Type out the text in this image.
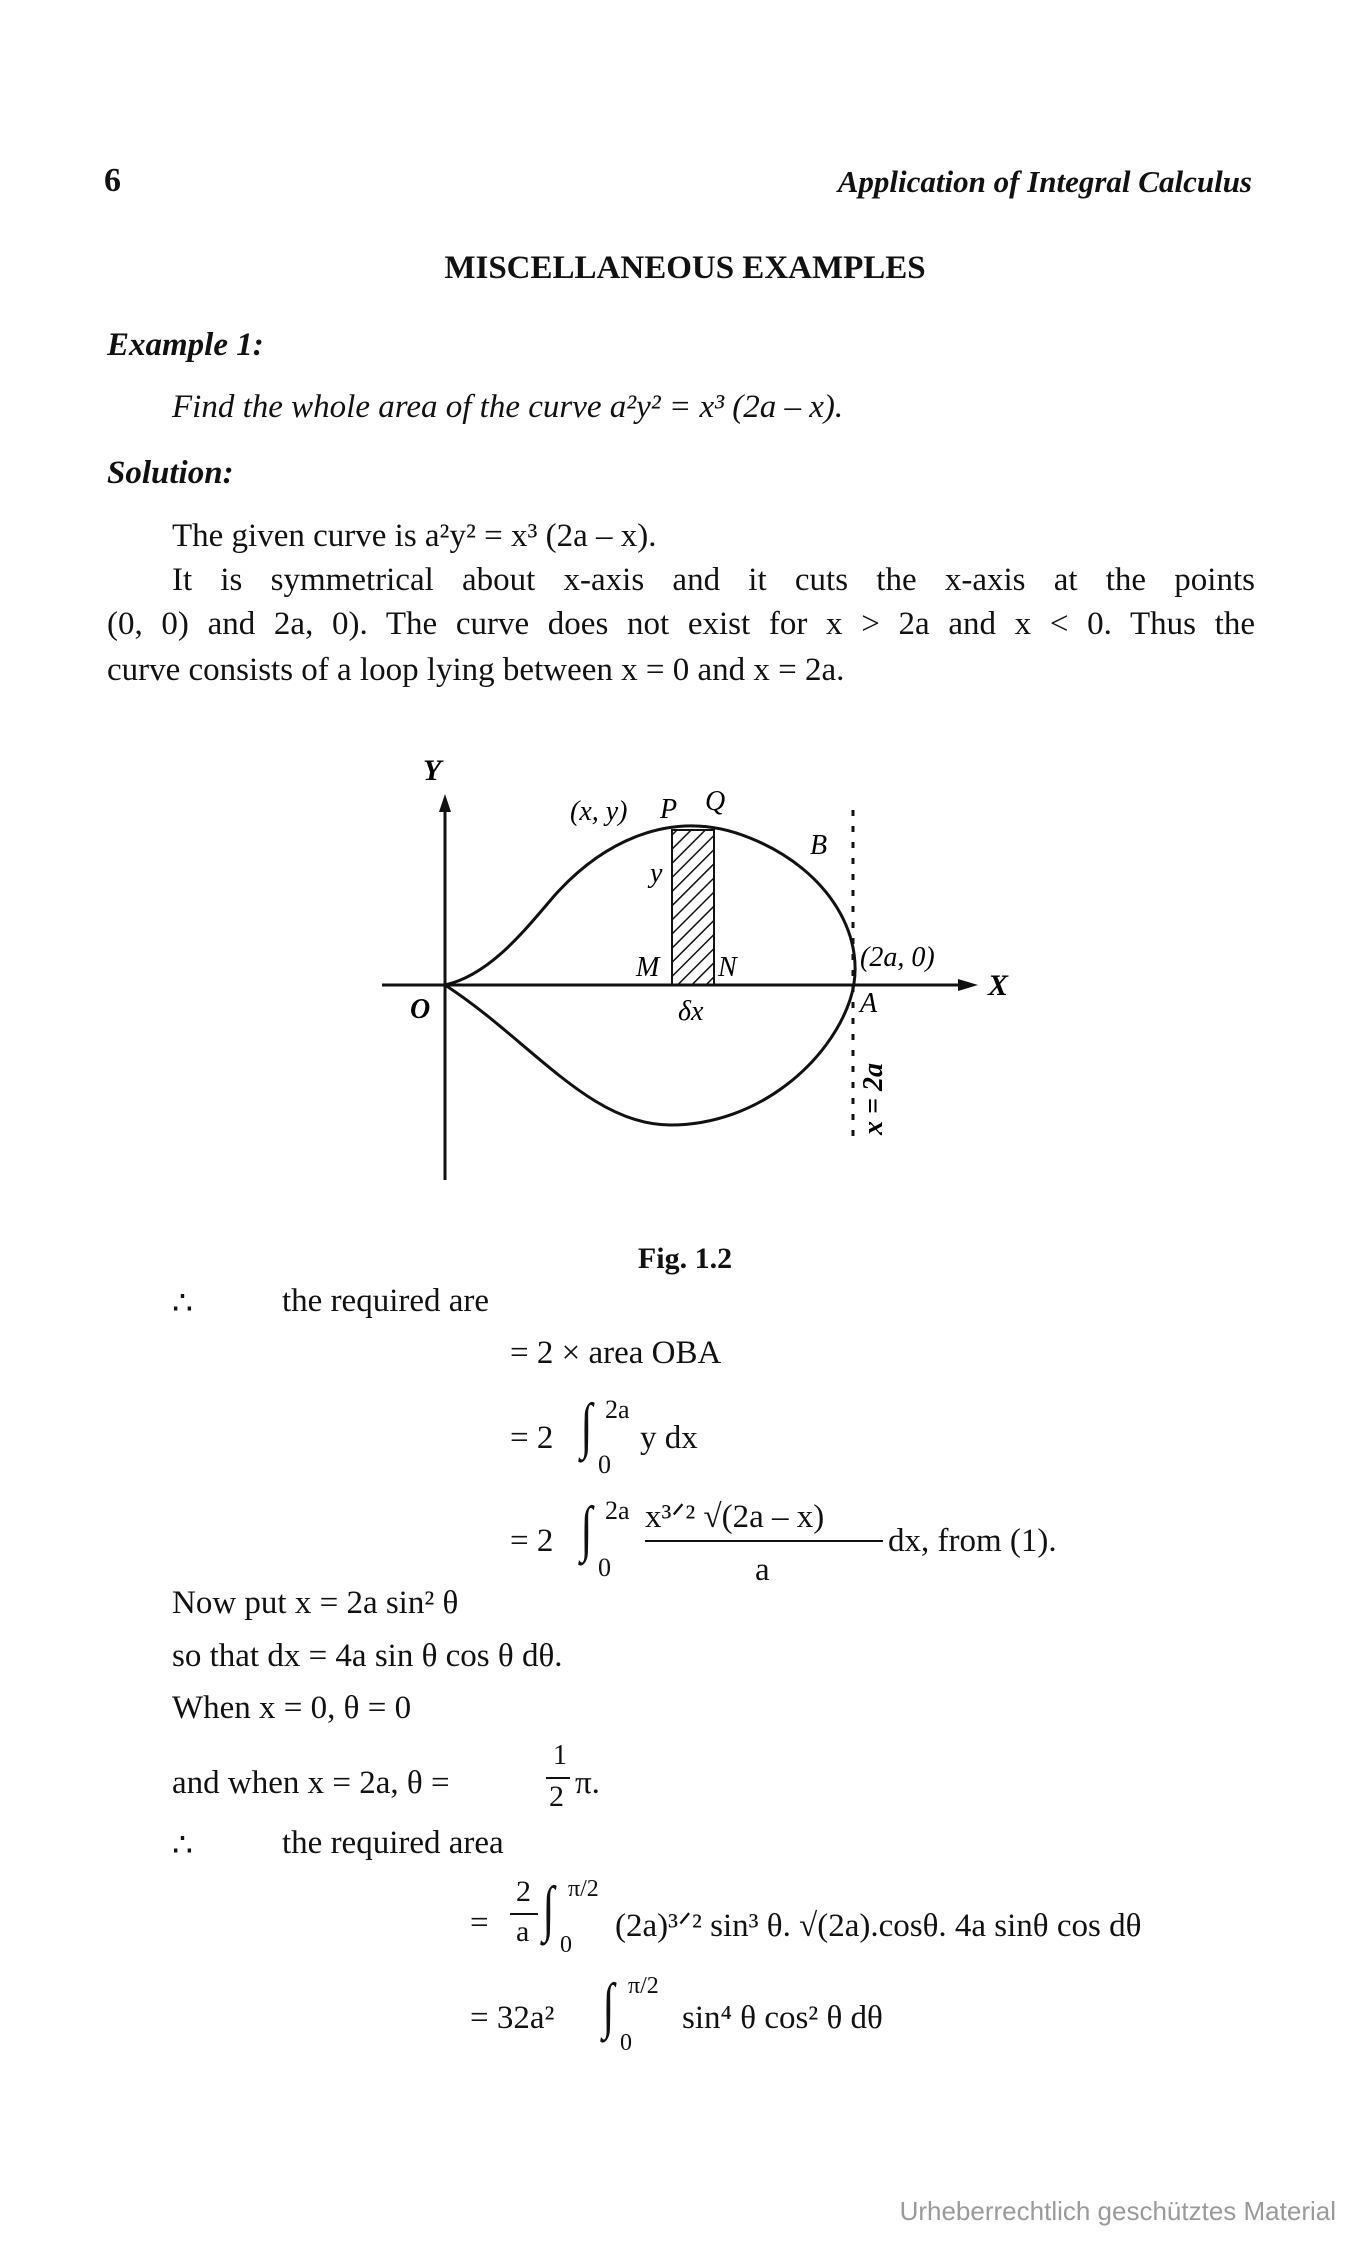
6	Application of Integral Calculus
MISCELLANEOUS EXAMPLES
Example 1:
Find the whole area of the curve a²y² = x³ (2a – x).
Solution:
The given curve is a²y² = x³ (2a – x).
It is symmetrical about x-axis and it cuts the x-axis at the points
(0, 0) and 2a, 0). The curve does not exist for x > 2a and x < 0. Thus the
curve consists of a loop lying between x = 0 and x = 2a.
Y
X
O
(x, y) P Q
B
y
M N
δx
(2a, 0)
A
x = 2a
Fig. 1.2
∴	the required are
= 2 × area OBA
= 2 ∫ 2a
0
y dx
= 2 ∫ 2a
0
x³ᐟ² √(2a – x)
a
dx, from (1).
Now put x = 2a sin² θ
so that dx = 4a sin θ cos θ dθ.
When x = 0, θ = 0
and when x = 2a, θ =
1
2 π.
∴	the required area
=
2
a ∫ π/2
0
(2a)³ᐟ² sin³ θ. √(2a).cosθ. 4a sinθ cos dθ
= 32a² ∫ π/2
0
sin⁴ θ cos² θ dθ
Urheberrechtlich geschütztes Material
